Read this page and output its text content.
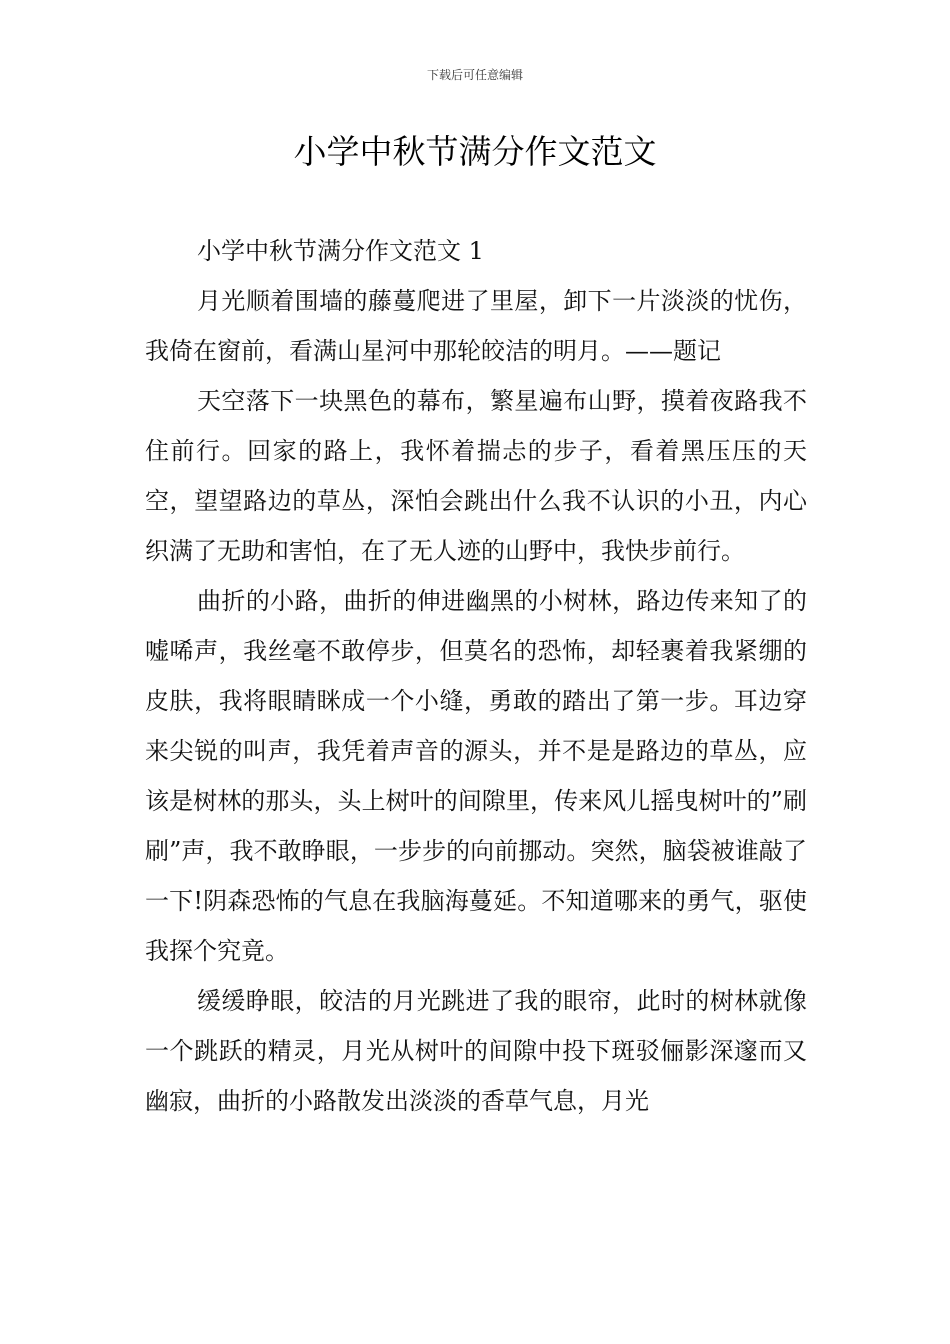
下载后可任意编辑
小学中秋节满分作文范文

小学中秋节满分作文范文 1

月光顺着围墙的藤蔓爬进了里屋，卸下一片淡淡的忧伤，我倚在窗前，看满山星河中那轮皎洁的明月。——题记

天空落下一块黑色的幕布，繁星遍布山野，摸着夜路我不住前行。回家的路上，我怀着揣忐的步子，看着黑压压的天空，望望路边的草丛，深怕会跳出什么我不认识的小丑，内心织满了无助和害怕，在了无人迹的山野中，我快步前行。

曲折的小路，曲折的伸进幽黑的小树林，路边传来知了的嘘唏声，我丝毫不敢停步，但莫名的恐怖，却轻裹着我紧绷的皮肤，我将眼睛眯成一个小缝，勇敢的踏出了第一步。耳边穿来尖锐的叫声，我凭着声音的源头，并不是是路边的草丛，应该是树林的那头，头上树叶的间隙里，传来风儿摇曳树叶的”刷刷”声，我不敢睁眼，一步步的向前挪动。突然，脑袋被谁敲了一下!阴森恐怖的气息在我脑海蔓延。不知道哪来的勇气，驱使我探个究竟。

缓缓睁眼，皎洁的月光跳进了我的眼帘，此时的树林就像一个跳跃的精灵，月光从树叶的间隙中投下斑驳俪影深邃而又幽寂，曲折的小路散发出淡淡的香草气息，月光
